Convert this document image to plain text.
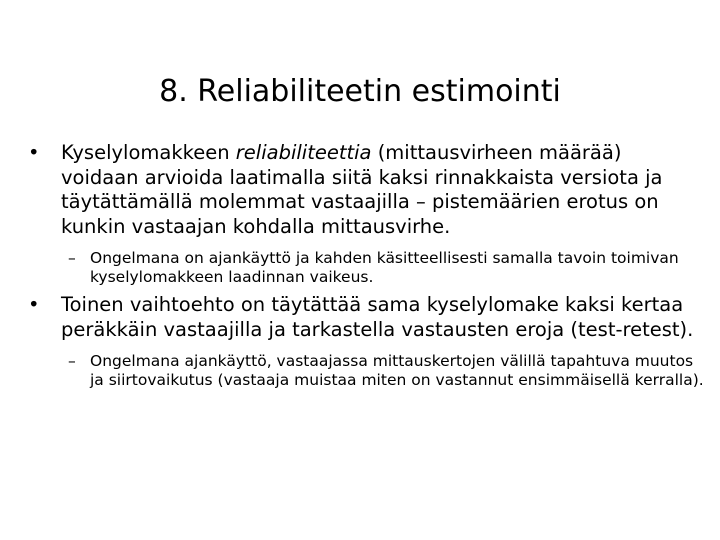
8. Reliabiliteetin estimointi
• Kyselylomakkeen reliabiliteettia (mittausvirheen määrää) voidaan arvioida laatimalla siitä kaksi rinnakkaista versiota ja täytättämällä molemmat vastaajilla – pistemäärien erotus on kunkin vastaajan kohdalla mittausvirhe.
– Ongelmana on ajankäyttö ja kahden käsitteellisesti samalla tavoin toimivan kyselylomakkeen laadinnan vaikeus.
• Toinen vaihtoehto on täytättää sama kyselylomake kaksi kertaa peräkkäin vastaajilla ja tarkastella vastausten eroja (test-retest).
– Ongelmana ajankäyttö, vastaajassa mittauskertojen välillä tapahtuva muutos ja siirtovaikutus (vastaaja muistaa miten on vastannut ensimmäisellä kerralla).
